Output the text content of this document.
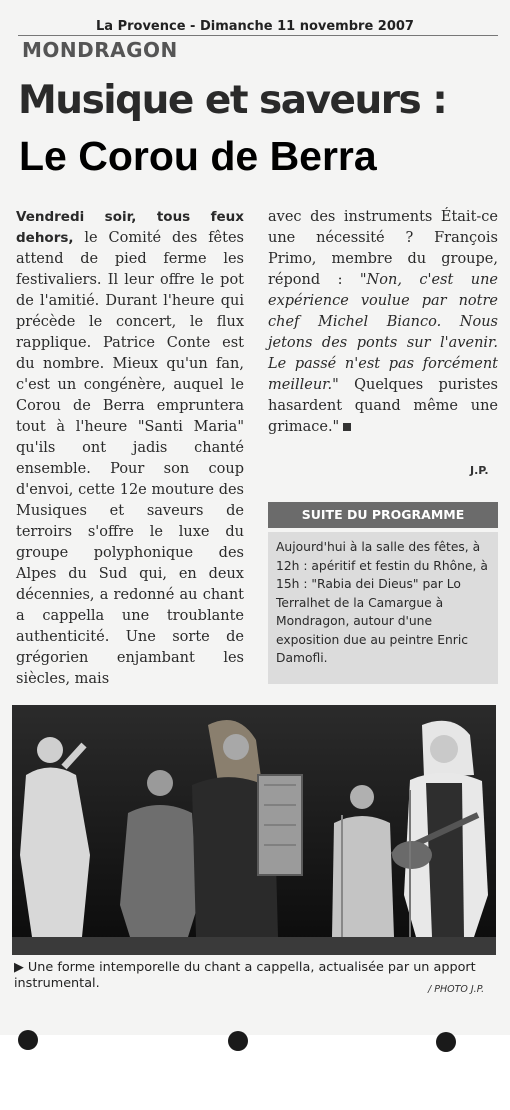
La Provence - Dimanche 11 novembre 2007
MONDRAGON
Musique et saveurs :
Le Corou de Berra
Vendredi soir, tous feux dehors, le Comité des fêtes attend de pied ferme les festivaliers. Il leur offre le pot de l'amitié. Durant l'heure qui précède le concert, le flux rapplique. Patrice Conte est du nombre. Mieux qu'un fan, c'est un congénère, auquel le Corou de Berra empruntera tout à l'heure "Santi Maria" qu'ils ont jadis chanté ensemble. Pour son coup d'envoi, cette 12e mouture des Musiques et saveurs de terroirs s'offre le luxe du groupe polyphonique des Alpes du Sud qui, en deux décennies, a redonné au chant a cappella une troublante authenticité. Une sorte de grégorien enjambant les siècles, mais
avec des instruments Était-ce une nécessité ? François Primo, membre du groupe, répond : "Non, c'est une expérience voulue par notre chef Michel Bianco. Nous jetons des ponts sur l'avenir. Le passé n'est pas forcément meilleur." Quelques puristes hasardent quand même une grimace."
J.P.
SUITE DU PROGRAMME
Aujourd'hui à la salle des fêtes, à 12h : apéritif et festin du Rhône, à 15h : "Rabia dei Dieus" par Lo Terralhet de la Camargue à Mondragon, autour d'une exposition due au peintre Enric Damofli.
▶ Une forme intemporelle du chant a cappella, actualisée par un apport instrumental.	/ PHOTO J.P.
